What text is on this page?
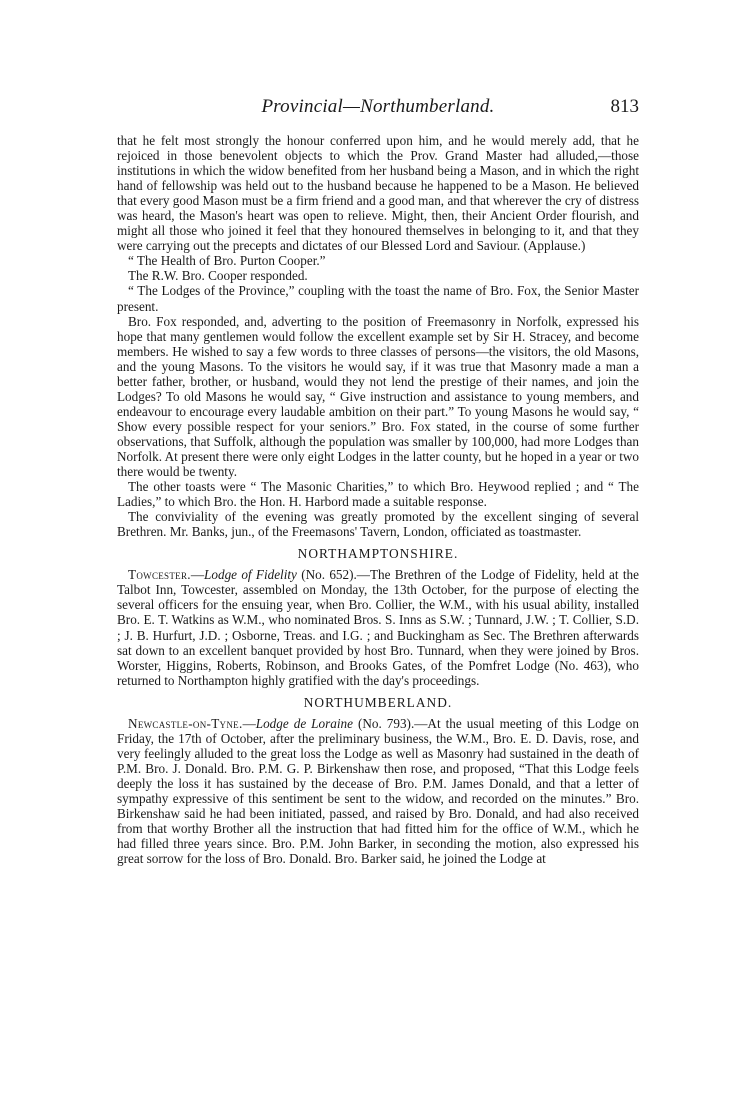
Provincial—Northumberland.	813

that he felt most strongly the honour conferred upon him, and he would merely add, that he rejoiced in those benevolent objects to which the Prov. Grand Master had alluded,—those institutions in which the widow benefited from her husband being a Mason, and in which the right hand of fellowship was held out to the husband because he happened to be a Mason. He believed that every good Mason must be a firm friend and a good man, and that wherever the cry of distress was heard, the Mason's heart was open to relieve. Might, then, their Ancient Order flourish, and might all those who joined it feel that they honoured themselves in belonging to it, and that they were carrying out the precepts and dictates of our Blessed Lord and Saviour. (Applause.)

“ The Health of Bro. Purton Cooper.”

The R.W. Bro. Cooper responded.

“ The Lodges of the Province,” coupling with the toast the name of Bro. Fox, the Senior Master present.

Bro. Fox responded, and, adverting to the position of Freemasonry in Norfolk, expressed his hope that many gentlemen would follow the excellent example set by Sir H. Stracey, and become members. He wished to say a few words to three classes of persons—the visitors, the old Masons, and the young Masons. To the visitors he would say, if it was true that Masonry made a man a better father, brother, or husband, would they not lend the prestige of their names, and join the Lodges? To old Masons he would say, “ Give instruction and assistance to young members, and endeavour to encourage every laudable ambition on their part.” To young Masons he would say, “ Show every possible respect for your seniors.” Bro. Fox stated, in the course of some further observations, that Suffolk, although the population was smaller by 100,000, had more Lodges than Norfolk. At present there were only eight Lodges in the latter county, but he hoped in a year or two there would be twenty.

The other toasts were “ The Masonic Charities,” to which Bro. Heywood replied ; and “ The Ladies,” to which Bro. the Hon. H. Harbord made a suitable response.

The conviviality of the evening was greatly promoted by the excellent singing of several Brethren. Mr. Banks, jun., of the Freemasons' Tavern, London, officiated as toastmaster.

NORTHAMPTONSHIRE.

Towcester.—Lodge of Fidelity (No. 652).—The Brethren of the Lodge of Fidelity, held at the Talbot Inn, Towcester, assembled on Monday, the 13th October, for the purpose of electing the several officers for the ensuing year, when Bro. Collier, the W.M., with his usual ability, installed Bro. E. T. Watkins as W.M., who nominated Bros. S. Inns as S.W. ; Tunnard, J.W. ; T. Collier, S.D. ; J. B. Hurfurt, J.D. ; Osborne, Treas. and I.G. ; and Buckingham as Sec. The Brethren afterwards sat down to an excellent banquet provided by host Bro. Tunnard, when they were joined by Bros. Worster, Higgins, Roberts, Robinson, and Brooks Gates, of the Pomfret Lodge (No. 463), who returned to Northampton highly gratified with the day's proceedings.

NORTHUMBERLAND.

Newcastle-on-Tyne.—Lodge de Loraine (No. 793).—At the usual meeting of this Lodge on Friday, the 17th of October, after the preliminary business, the W.M., Bro. E. D. Davis, rose, and very feelingly alluded to the great loss the Lodge as well as Masonry had sustained in the death of P.M. Bro. J. Donald. Bro. P.M. G. P. Birkenshaw then rose, and proposed, “That this Lodge feels deeply the loss it has sustained by the decease of Bro. P.M. James Donald, and that a letter of sympathy expressive of this sentiment be sent to the widow, and recorded on the minutes.” Bro. Birkenshaw said he had been initiated, passed, and raised by Bro. Donald, and had also received from that worthy Brother all the instruction that had fitted him for the office of W.M., which he had filled three years since. Bro. P.M. John Barker, in seconding the motion, also expressed his great sorrow for the loss of Bro. Donald. Bro. Barker said, he joined the Lodge at
